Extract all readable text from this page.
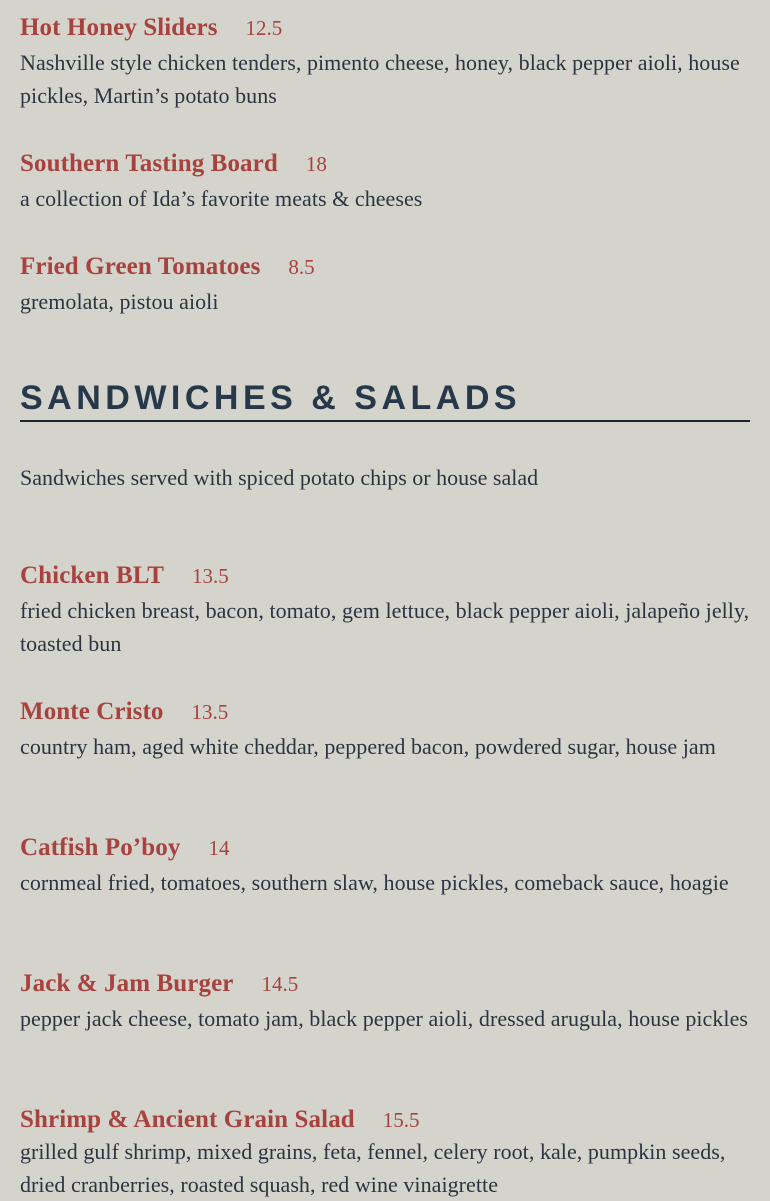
Hot Honey Sliders 12.5
Nashville style chicken tenders, pimento cheese, honey, black pepper aioli, house pickles, Martin’s potato buns
Southern Tasting Board 18
a collection of Ida’s favorite meats & cheeses
Fried Green Tomatoes 8.5
gremolata, pistou aioli
SANDWICHES & SALADS
Sandwiches served with spiced potato chips or house salad
Chicken BLT 13.5
fried chicken breast, bacon, tomato, gem lettuce, black pepper aioli, jalapeño jelly, toasted bun
Monte Cristo 13.5
country ham, aged white cheddar, peppered bacon, powdered sugar, house jam
Catfish Po’boy 14
cornmeal fried, tomatoes, southern slaw, house pickles, comeback sauce, hoagie
Jack & Jam Burger 14.5
pepper jack cheese, tomato jam, black pepper aioli, dressed arugula, house pickles
Shrimp & Ancient Grain Salad 15.5
grilled gulf shrimp, mixed grains, feta, fennel, celery root, kale, pumpkin seeds, dried cranberries, roasted squash, red wine vinaigrette
